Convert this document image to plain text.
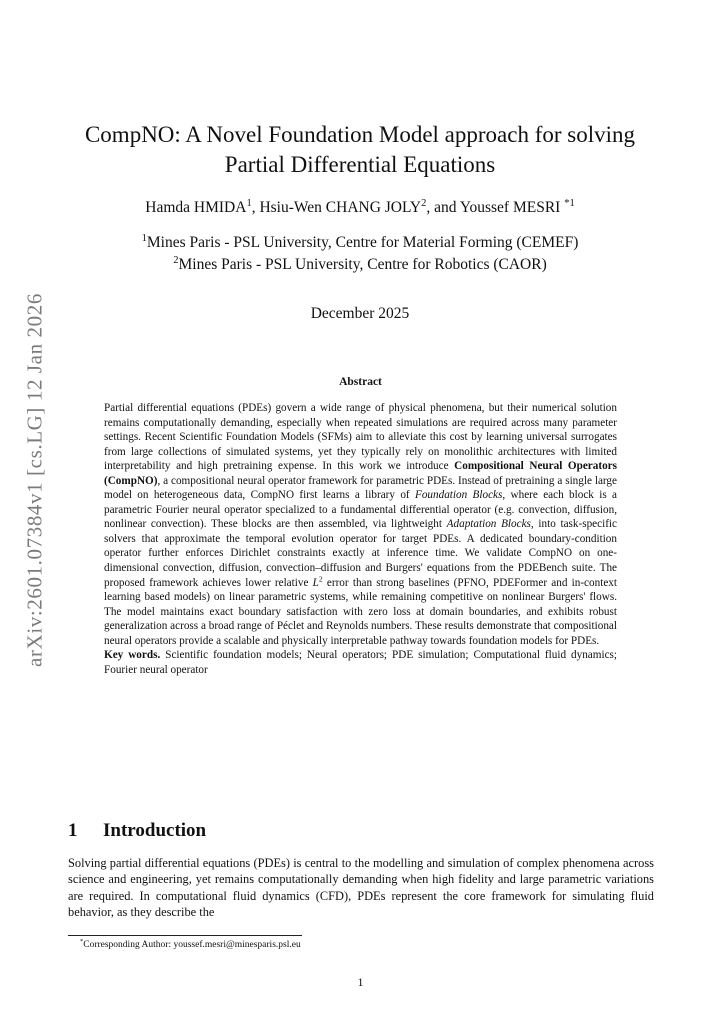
arXiv:2601.07384v1 [cs.LG] 12 Jan 2026
CompNO: A Novel Foundation Model approach for solving Partial Differential Equations
Hamda HMIDA$^1$, Hsiu-Wen CHANG JOLY$^2$, and Youssef MESRI $^{*1}$
$^1$Mines Paris - PSL University, Centre for Material Forming (CEMEF)
$^2$Mines Paris - PSL University, Centre for Robotics (CAOR)
December 2025
Abstract

Partial differential equations (PDEs) govern a wide range of physical phenomena, but their numerical solution remains computationally demanding, especially when repeated simulations are required across many parameter settings. Recent Scientific Foundation Models (SFMs) aim to alleviate this cost by learning universal surrogates from large collections of simulated systems, yet they typically rely on monolithic architectures with limited interpretability and high pretraining expense. In this work we introduce Compositional Neural Operators (CompNO), a compositional neural operator framework for parametric PDEs. Instead of pretraining a single large model on heterogeneous data, CompNO first learns a library of Foundation Blocks, where each block is a parametric Fourier neural operator specialized to a fundamental differential operator (e.g. convection, diffusion, nonlinear convection). These blocks are then assembled, via lightweight Adaptation Blocks, into task-specific solvers that approximate the temporal evolution operator for target PDEs. A dedicated boundary-condition operator further enforces Dirichlet constraints exactly at inference time. We validate CompNO on one-dimensional convection, diffusion, convection–diffusion and Burgers' equations from the PDEBench suite. The proposed framework achieves lower relative $L^2$ error than strong baselines (PFNO, PDEFormer and in-context learning based models) on linear parametric systems, while remaining competitive on nonlinear Burgers' flows. The model maintains exact boundary satisfaction with zero loss at domain boundaries, and exhibits robust generalization across a broad range of Péclet and Reynolds numbers. These results demonstrate that compositional neural operators provide a scalable and physically interpretable pathway towards foundation models for PDEs.

Key words. Scientific foundation models; Neural operators; PDE simulation; Computational fluid dynamics; Fourier neural operator

1 Introduction

Solving partial differential equations (PDEs) is central to the modelling and simulation of complex phenomena across science and engineering, yet remains computationally demanding when high fidelity and large parametric variations are required. In computational fluid dynamics (CFD), PDEs represent the core framework for simulating fluid behavior, as they describe the

*Corresponding Author: youssef.mesri@minesparis.psl.eu
1
